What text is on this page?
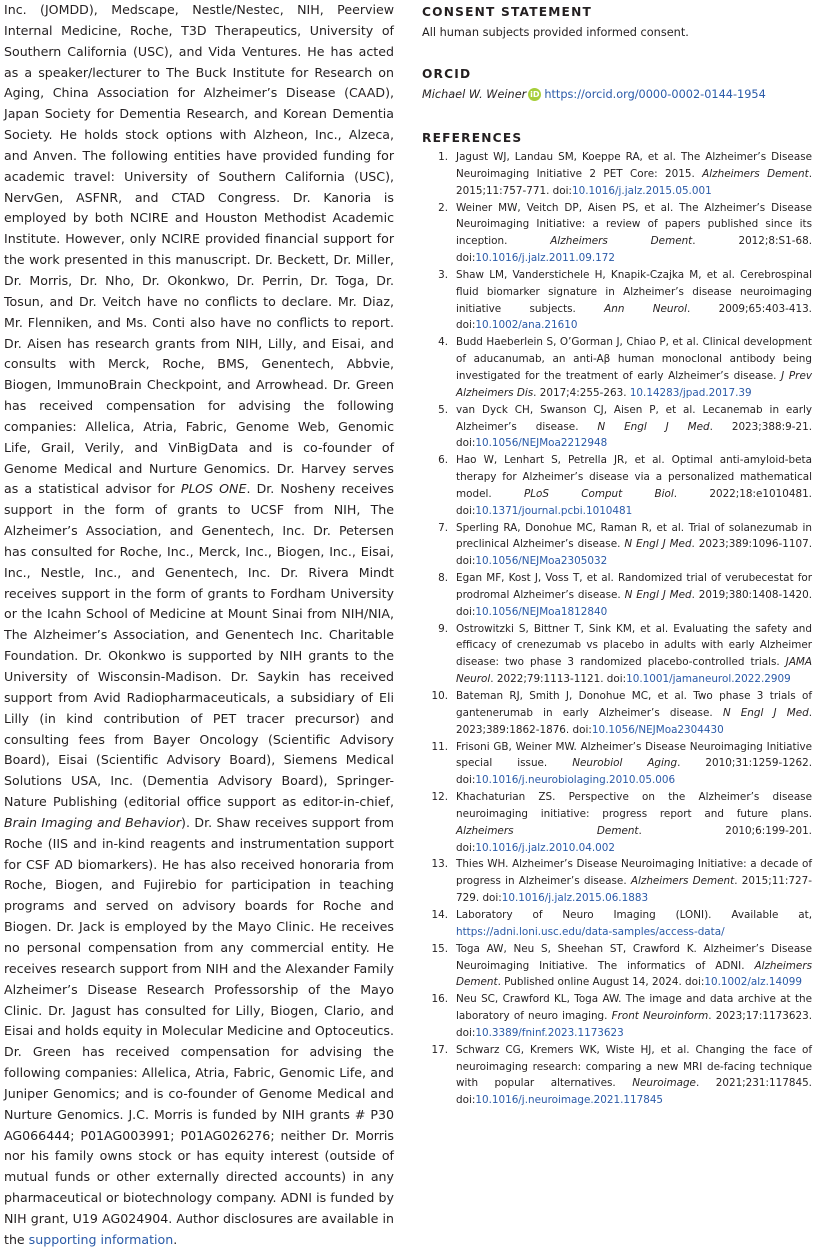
Inc. (JOMDD), Medscape, Nestle/Nestec, NIH, Peerview Internal Medicine, Roche, T3D Therapeutics, University of Southern California (USC), and Vida Ventures. He has acted as a speaker/lecturer to The Buck Institute for Research on Aging, China Association for Alzheimer’s Disease (CAAD), Japan Society for Dementia Research, and Korean Dementia Society. He holds stock options with Alzheon, Inc., Alzeca, and Anven. The following entities have provided funding for academic travel: University of Southern California (USC), NervGen, ASFNR, and CTAD Congress. Dr. Kanoria is employed by both NCIRE and Houston Methodist Academic Institute. However, only NCIRE provided financial support for the work presented in this manuscript. Dr. Beckett, Dr. Miller, Dr. Morris, Dr. Nho, Dr. Okonkwo, Dr. Perrin, Dr. Toga, Dr. Tosun, and Dr. Veitch have no conflicts to declare. Mr. Diaz, Mr. Flenniken, and Ms. Conti also have no conflicts to report. Dr. Aisen has research grants from NIH, Lilly, and Eisai, and consults with Merck, Roche, BMS, Genentech, Abbvie, Biogen, ImmunoBrain Checkpoint, and Arrowhead. Dr. Green has received compensation for advising the following companies: Allelica, Atria, Fabric, Genome Web, Genomic Life, Grail, Verily, and VinBigData and is co-founder of Genome Medical and Nurture Genomics. Dr. Harvey serves as a statistical advisor for PLOS ONE. Dr. Nosheny receives support in the form of grants to UCSF from NIH, The Alzheimer’s Association, and Genentech, Inc. Dr. Petersen has consulted for Roche, Inc., Merck, Inc., Biogen, Inc., Eisai, Inc., Nestle, Inc., and Genentech, Inc. Dr. Rivera Mindt receives support in the form of grants to Fordham University or the Icahn School of Medicine at Mount Sinai from NIH/NIA, The Alzheimer’s Association, and Genentech Inc. Charitable Foundation. Dr. Okonkwo is supported by NIH grants to the University of Wisconsin-Madison. Dr. Saykin has received support from Avid Radiopharmaceuticals, a subsidiary of Eli Lilly (in kind contribution of PET tracer precursor) and consulting fees from Bayer Oncology (Scientific Advisory Board), Eisai (Scientific Advisory Board), Siemens Medical Solutions USA, Inc. (Dementia Advisory Board), Springer-Nature Publishing (editorial office support as editor-in-chief, Brain Imaging and Behavior). Dr. Shaw receives support from Roche (IIS and in-kind reagents and instrumentation support for CSF AD biomarkers). He has also received honoraria from Roche, Biogen, and Fujirebio for participation in teaching programs and served on advisory boards for Roche and Biogen. Dr. Jack is employed by the Mayo Clinic. He receives no personal compensation from any commercial entity. He receives research support from NIH and the Alexander Family Alzheimer’s Disease Research Professorship of the Mayo Clinic. Dr. Jagust has consulted for Lilly, Biogen, Clario, and Eisai and holds equity in Molecular Medicine and Optoceutics. Dr. Green has received compensation for advising the following companies: Allelica, Atria, Fabric, Genomic Life, and Juniper Genomics; and is co-founder of Genome Medical and Nurture Genomics. J.C. Morris is funded by NIH grants # P30 AG066444; P01AG003991; P01AG026276; neither Dr. Morris nor his family owns stock or has equity interest (outside of mutual funds or other externally directed accounts) in any pharmaceutical or biotechnology company. ADNI is funded by NIH grant, U19 AG024904. Author disclosures are available in the supporting information.

CONSENT STATEMENT
All human subjects provided informed consent.
ORCID
Michael W. Weiner iD https://orcid.org/0000-0002-0144-1954
REFERENCES
1. Jagust WJ, Landau SM, Koeppe RA, et al. The Alzheimer’s Disease Neuroimaging Initiative 2 PET Core: 2015. Alzheimers Dement. 2015;11:757-771. doi:10.1016/j.jalz.2015.05.001
2. Weiner MW, Veitch DP, Aisen PS, et al. The Alzheimer’s Disease Neuroimaging Initiative: a review of papers published since its inception. Alzheimers Dement. 2012;8:S1-68. doi:10.1016/j.jalz.2011.09.172
3. Shaw LM, Vanderstichele H, Knapik-Czajka M, et al. Cerebrospinal fluid biomarker signature in Alzheimer’s disease neuroimaging initiative subjects. Ann Neurol. 2009;65:403-413. doi:10.1002/ana.21610
4. Budd Haeberlein S, O’Gorman J, Chiao P, et al. Clinical development of aducanumab, an anti-Aβ human monoclonal antibody being investigated for the treatment of early Alzheimer’s disease. J Prev Alzheimers Dis. 2017;4:255-263. 10.14283/jpad.2017.39
5. van Dyck CH, Swanson CJ, Aisen P, et al. Lecanemab in early Alzheimer’s disease. N Engl J Med. 2023;388:9-21. doi:10.1056/NEJMoa2212948
6. Hao W, Lenhart S, Petrella JR, et al. Optimal anti-amyloid-beta therapy for Alzheimer’s disease via a personalized mathematical model. PLoS Comput Biol. 2022;18:e1010481. doi:10.1371/journal.pcbi.1010481
7. Sperling RA, Donohue MC, Raman R, et al. Trial of solanezumab in preclinical Alzheimer’s disease. N Engl J Med. 2023;389:1096-1107. doi:10.1056/NEJMoa2305032
8. Egan MF, Kost J, Voss T, et al. Randomized trial of verubecestat for prodromal Alzheimer’s disease. N Engl J Med. 2019;380:1408-1420. doi:10.1056/NEJMoa1812840
9. Ostrowitzki S, Bittner T, Sink KM, et al. Evaluating the safety and efficacy of crenezumab vs placebo in adults with early Alzheimer disease: two phase 3 randomized placebo-controlled trials. JAMA Neurol. 2022;79:1113-1121. doi:10.1001/jamaneurol.2022.2909
10. Bateman RJ, Smith J, Donohue MC, et al. Two phase 3 trials of gantenerumab in early Alzheimer’s disease. N Engl J Med. 2023;389:1862-1876. doi:10.1056/NEJMoa2304430
11. Frisoni GB, Weiner MW. Alzheimer’s Disease Neuroimaging Initiative special issue. Neurobiol Aging. 2010;31:1259-1262. doi:10.1016/j.neurobiolaging.2010.05.006
12. Khachaturian ZS. Perspective on the Alzheimer’s disease neuroimaging initiative: progress report and future plans. Alzheimers Dement. 2010;6:199-201. doi:10.1016/j.jalz.2010.04.002
13. Thies WH. Alzheimer’s Disease Neuroimaging Initiative: a decade of progress in Alzheimer’s disease. Alzheimers Dement. 2015;11:727-729. doi:10.1016/j.jalz.2015.06.1883
14. Laboratory of Neuro Imaging (LONI). Available at, https://adni.loni.usc.edu/data-samples/access-data/
15. Toga AW, Neu S, Sheehan ST, Crawford K. Alzheimer’s Disease Neuroimaging Initiative. The informatics of ADNI. Alzheimers Dement. Published online August 14, 2024. doi:10.1002/alz.14099
16. Neu SC, Crawford KL, Toga AW. The image and data archive at the laboratory of neuro imaging. Front Neuroinform. 2023;17:1173623. doi:10.3389/fninf.2023.1173623
17. Schwarz CG, Kremers WK, Wiste HJ, et al. Changing the face of neuroimaging research: comparing a new MRI de-facing technique with popular alternatives. Neuroimage. 2021;231:117845. doi:10.1016/j.neuroimage.2021.117845
